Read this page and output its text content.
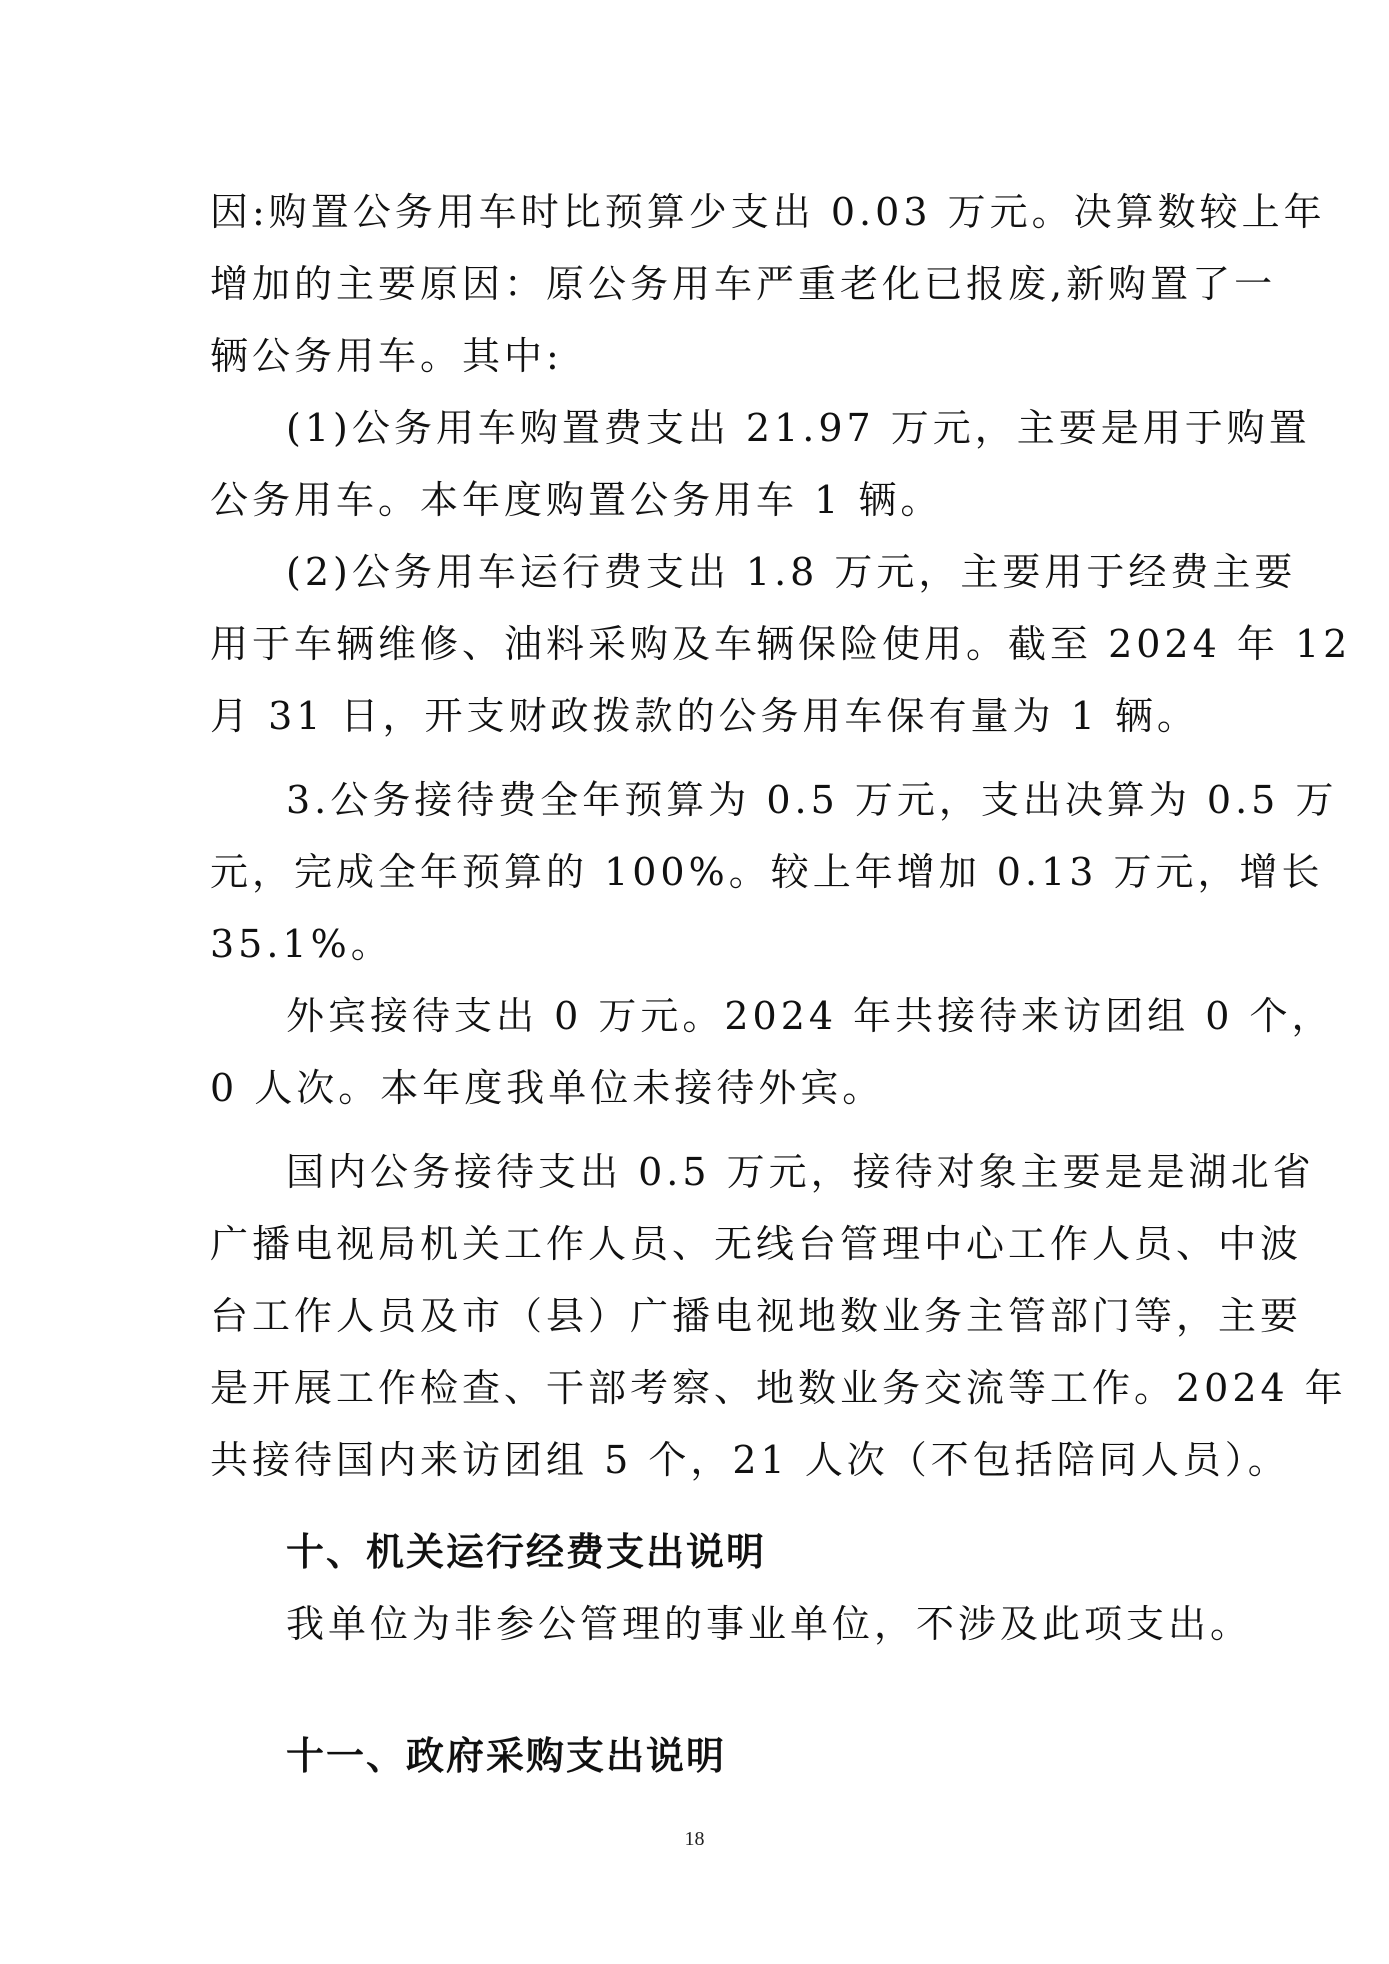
因:购置公务用车时比预算少支出 0.03 万元。决算数较上年
增加的主要原因：原公务用车严重老化已报废,新购置了一
辆公务用车。其中:
(1)公务用车购置费支出 21.97 万元，主要是用于购置
公务用车。本年度购置公务用车 1 辆。
(2)公务用车运行费支出 1.8 万元，主要用于经费主要
用于车辆维修、油料采购及车辆保险使用。截至 2024 年 12
月 31 日，开支财政拨款的公务用车保有量为 1 辆。
3.公务接待费全年预算为 0.5 万元，支出决算为 0.5 万
元，完成全年预算的 100%。较上年增加 0.13 万元，增长
35.1%。
外宾接待支出 0 万元。2024 年共接待来访团组 0 个，
0 人次。本年度我单位未接待外宾。
国内公务接待支出 0.5 万元，接待对象主要是是湖北省
广播电视局机关工作人员、无线台管理中心工作人员、中波
台工作人员及市（县）广播电视地数业务主管部门等，主要
是开展工作检查、干部考察、地数业务交流等工作。2024 年
共接待国内来访团组 5 个，21 人次（不包括陪同人员）。
十、机关运行经费支出说明
我单位为非参公管理的事业单位，不涉及此项支出。
十一、政府采购支出说明
18
